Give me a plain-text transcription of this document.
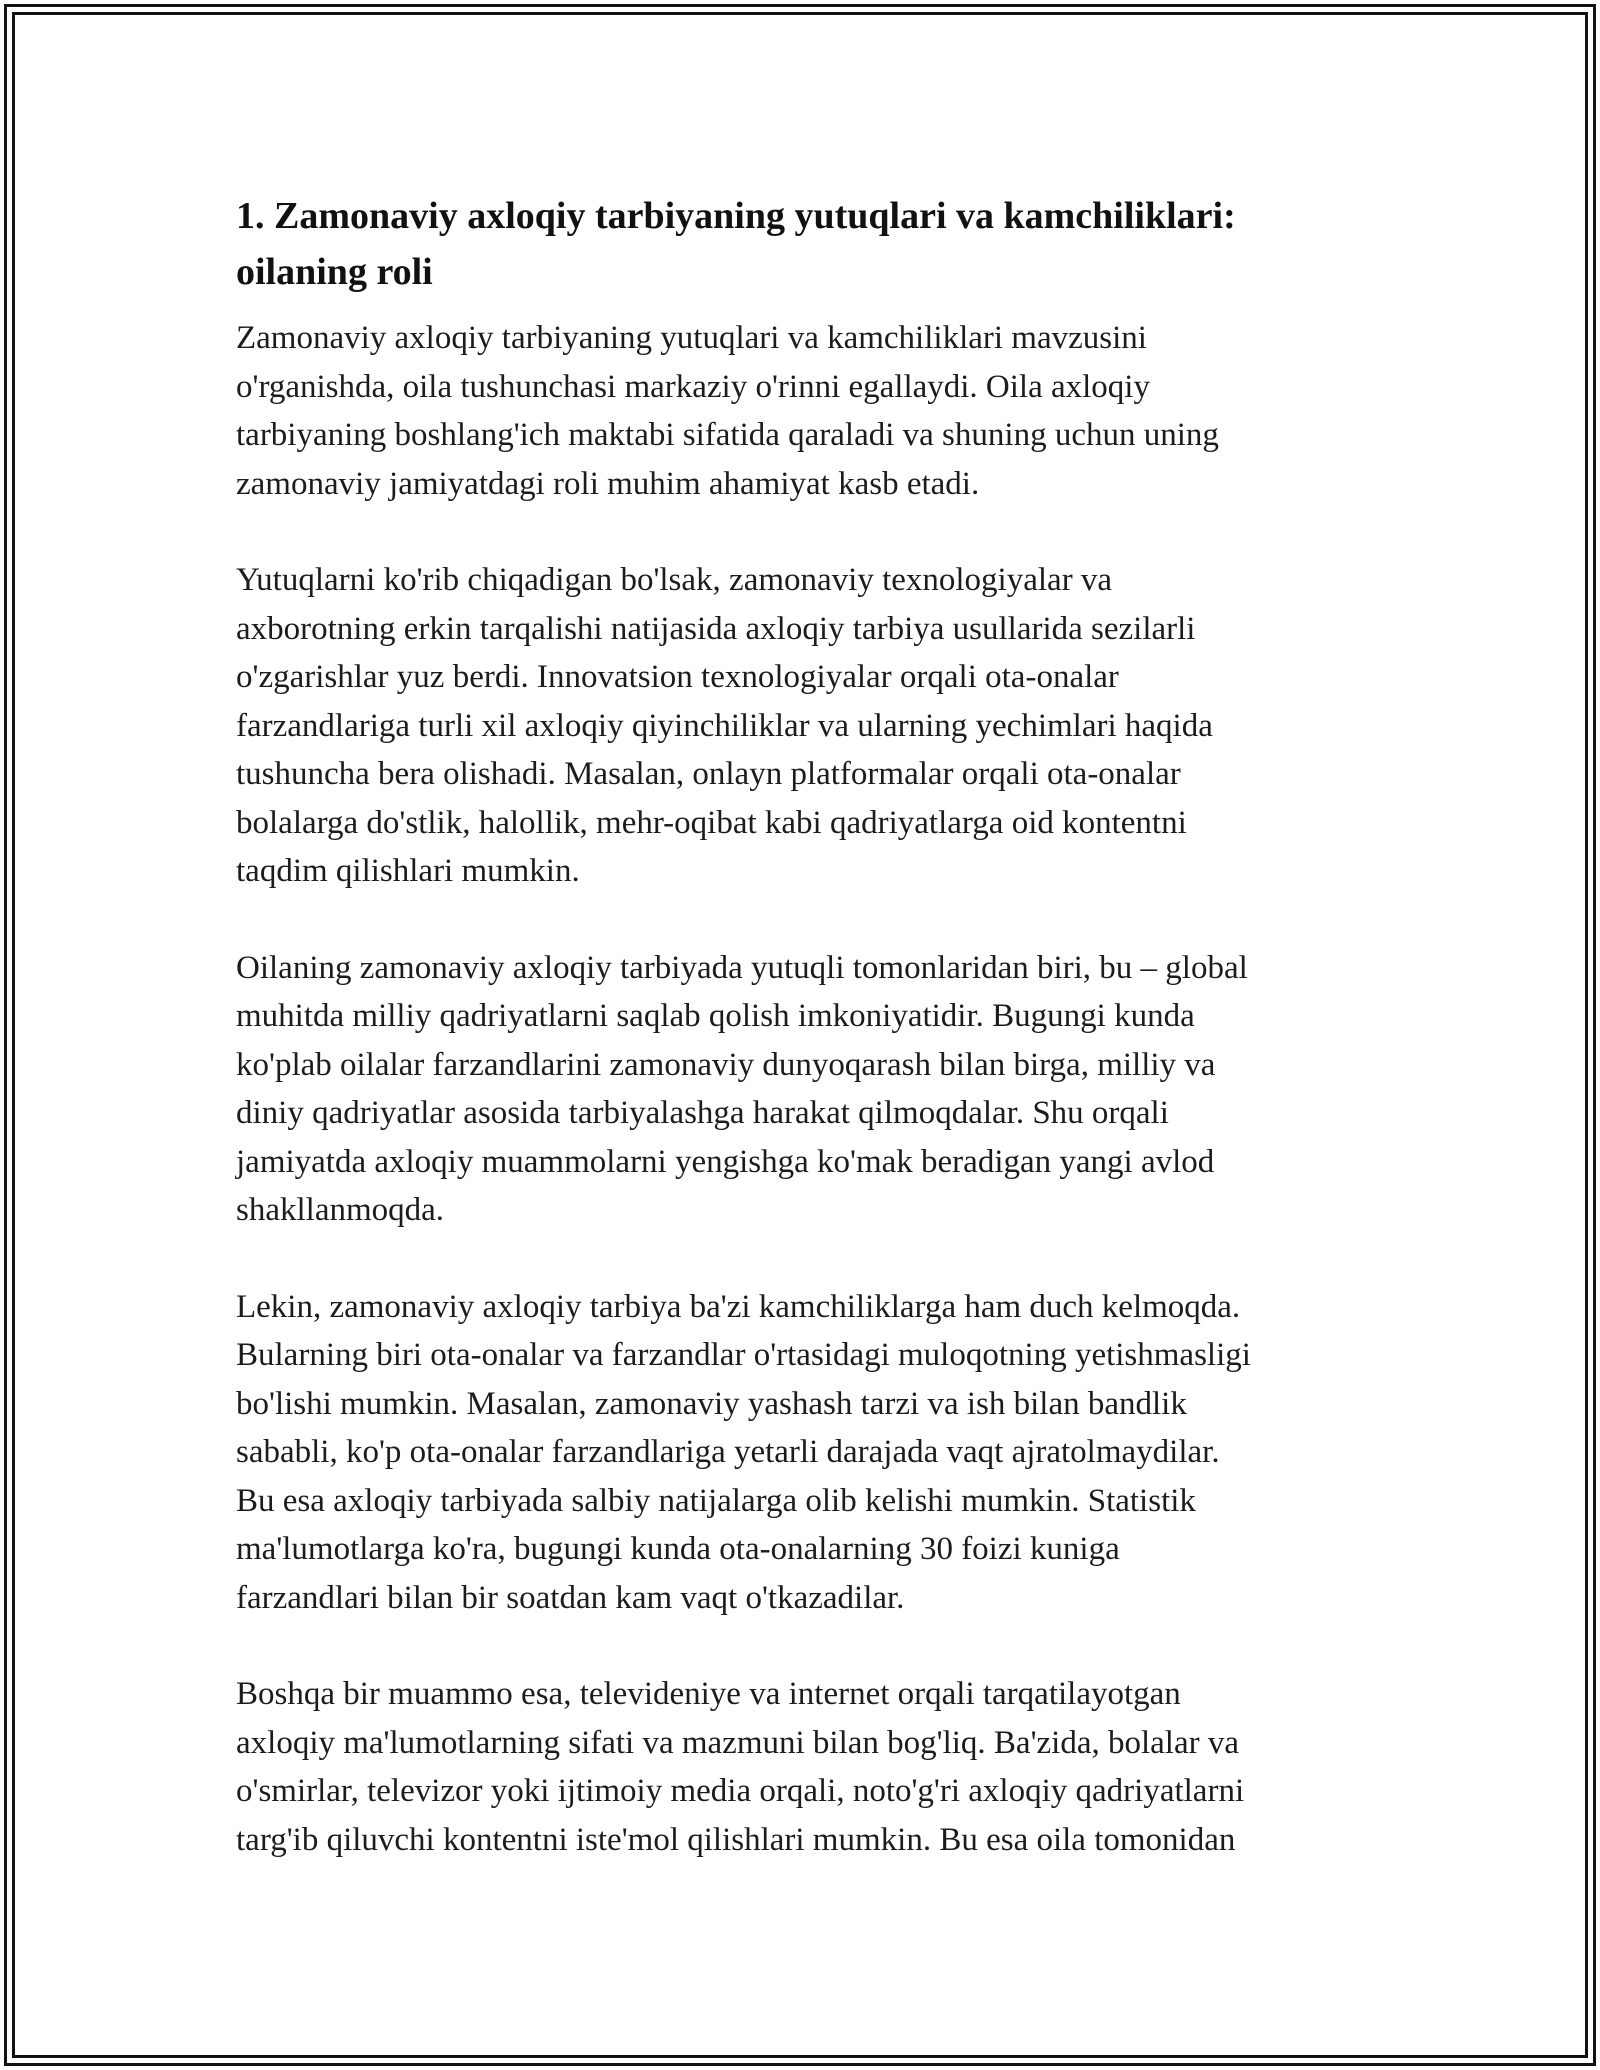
1. Zamonaviy axloqiy tarbiyaning yutuqlari va kamchiliklari:
oilaning roli

Zamonaviy axloqiy tarbiyaning yutuqlari va kamchiliklari mavzusini
o'rganishda, oila tushunchasi markaziy o'rinni egallaydi. Oila axloqiy
tarbiyaning boshlang'ich maktabi sifatida qaraladi va shuning uchun uning
zamonaviy jamiyatdagi roli muhim ahamiyat kasb etadi.

Yutuqlarni ko'rib chiqadigan bo'lsak, zamonaviy texnologiyalar va
axborotning erkin tarqalishi natijasida axloqiy tarbiya usullarida sezilarli
o'zgarishlar yuz berdi. Innovatsion texnologiyalar orqali ota-onalar
farzandlariga turli xil axloqiy qiyinchiliklar va ularning yechimlari haqida
tushuncha bera olishadi. Masalan, onlayn platformalar orqali ota-onalar
bolalarga do'stlik, halollik, mehr-oqibat kabi qadriyatlarga oid kontentni
taqdim qilishlari mumkin.

Oilaning zamonaviy axloqiy tarbiyada yutuqli tomonlaridan biri, bu – global
muhitda milliy qadriyatlarni saqlab qolish imkoniyatidir. Bugungi kunda
ko'plab oilalar farzandlarini zamonaviy dunyoqarash bilan birga, milliy va
diniy qadriyatlar asosida tarbiyalashga harakat qilmoqdalar. Shu orqali
jamiyatda axloqiy muammolarni yengishga ko'mak beradigan yangi avlod
shakllanmoqda.

Lekin, zamonaviy axloqiy tarbiya ba'zi kamchiliklarga ham duch kelmoqda.
Bularning biri ota-onalar va farzandlar o'rtasidagi muloqotning yetishmasligi
bo'lishi mumkin. Masalan, zamonaviy yashash tarzi va ish bilan bandlik
sababli, ko'p ota-onalar farzandlariga yetarli darajada vaqt ajratolmaydilar.
Bu esa axloqiy tarbiyada salbiy natijalarga olib kelishi mumkin. Statistik
ma'lumotlarga ko'ra, bugungi kunda ota-onalarning 30 foizi kuniga
farzandlari bilan bir soatdan kam vaqt o'tkazadilar.

Boshqa bir muammo esa, televideniye va internet orqali tarqatilayotgan
axloqiy ma'lumotlarning sifati va mazmuni bilan bog'liq. Ba'zida, bolalar va
o'smirlar, televizor yoki ijtimoiy media orqali, noto'g'ri axloqiy qadriyatlarni
targ'ib qiluvchi kontentni iste'mol qilishlari mumkin. Bu esa oila tomonidan
